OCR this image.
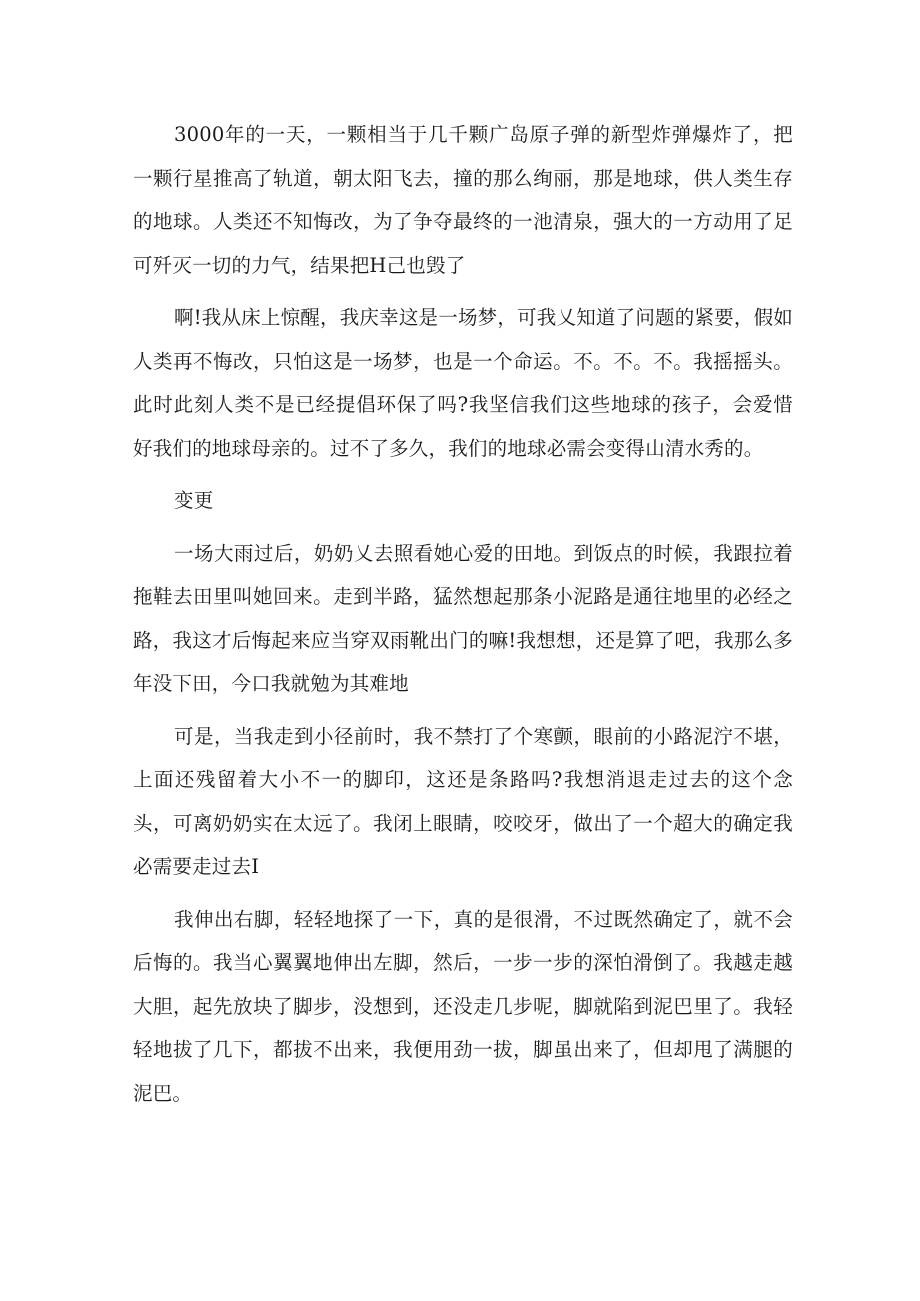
3000年的一天，一颗相当于几千颗广岛原子弹的新型炸弹爆炸了，把一颗行星推高了轨道，朝太阳飞去，撞的那么绚丽，那是地球，供人类生存的地球。人类还不知悔改，为了争夺最终的一池清泉，强大的一方动用了足可歼灭一切的力气，结果把H己也毁了

啊!我从床上惊醒，我庆幸这是一场梦，可我乂知道了问题的紧要，假如人类再不悔改，只怕这是一场梦，也是一个命运。不。不。不。我摇摇头。此时此刻人类不是已经提倡环保了吗?我坚信我们这些地球的孩子，会爱惜好我们的地球母亲的。过不了多久，我们的地球必需会变得山清水秀的。

变更

一场大雨过后，奶奶乂去照看她心爱的田地。到饭点的时候，我跟拉着拖鞋去田里叫她回来。走到半路，猛然想起那条小泥路是通往地里的必经之路，我这才后悔起来应当穿双雨靴出门的嘛!我想想，还是算了吧，我那么多年没下田，今口我就勉为其难地

可是，当我走到小径前时，我不禁打了个寒颤，眼前的小路泥泞不堪，上面还残留着大小不一的脚印，这还是条路吗?我想消退走过去的这个念头，可离奶奶实在太远了。我闭上眼睛，咬咬牙，做出了一个超大的确定我必需要走过去I

我伸出右脚，轻轻地探了一下，真的是很滑，不过既然确定了，就不会后悔的。我当心翼翼地伸出左脚，然后，一步一步的深怕滑倒了。我越走越大胆，起先放块了脚步，没想到，还没走几步呢，脚就陷到泥巴里了。我轻轻地拔了几下，都拔不出来，我便用劲一拔，脚虽出来了，但却甩了满腿的泥巴。
